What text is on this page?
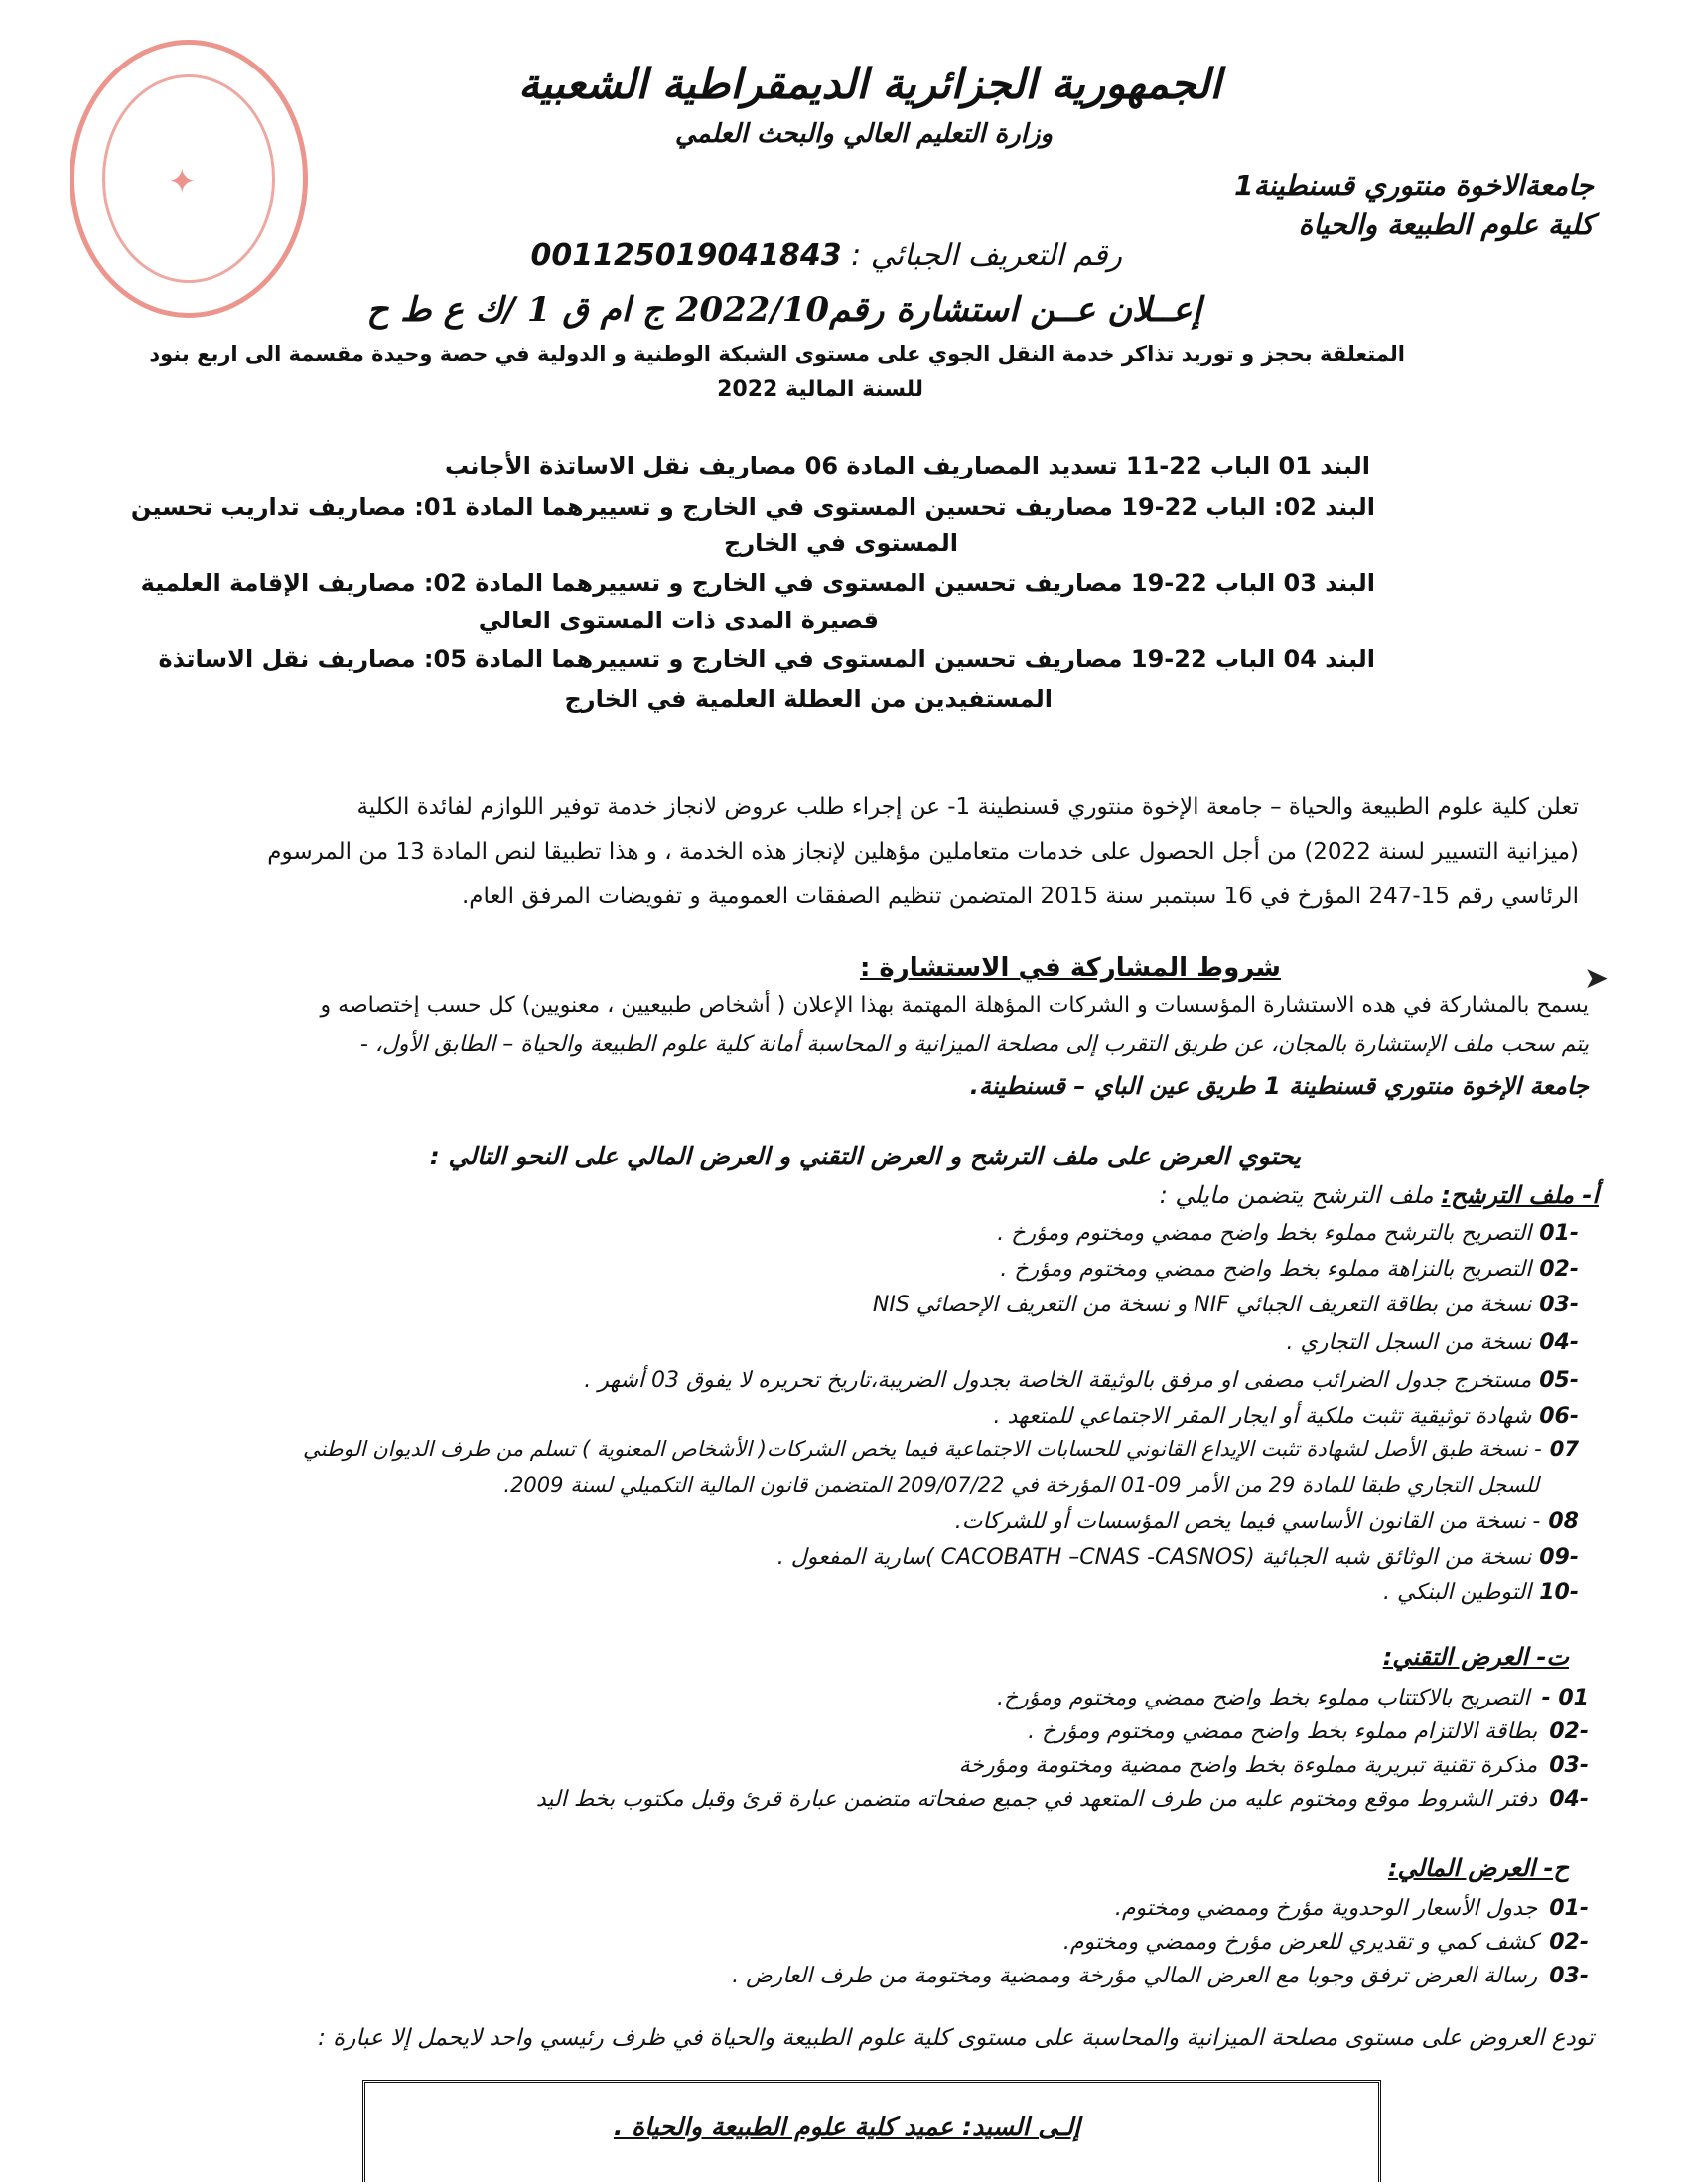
✦
الجمهورية الجزائرية الديمقراطية الشعبية
وزارة التعليم العالي والبحث العلمي
جامعةالاخوة منتوري قسنطينة1
كلية علوم الطبيعة والحياة
رقم التعريف الجبائي : 001125019041843
إعــلان عــن استشارة رقم2022/10 ج ام ق 1 /ك ع ط ح
المتعلقة بحجز و توريد تذاكر خدمة النقل الجوي على مستوى الشبكة الوطنية و الدولية في حصة وحيدة مقسمة الى اربع بنود
للسنة المالية 2022
البند 01 الباب 22-11 تسديد المصاريف المادة 06 مصاريف نقل الاساتذة الأجانب
البند 02: الباب 22-19 مصاريف تحسين المستوى في الخارج و تسييرهما المادة 01: مصاريف تداريب تحسين
المستوى في الخارج
البند 03 الباب 22-19 مصاريف تحسين المستوى في الخارج و تسييرهما المادة 02: مصاريف الإقامة العلمية
قصيرة المدى ذات المستوى العالي
البند 04 الباب 22-19 مصاريف تحسين المستوى في الخارج و تسييرهما المادة 05: مصاريف نقل الاساتذة
المستفيدين من العطلة العلمية في الخارج
تعلن كلية علوم الطبيعة والحياة – جامعة الإخوة منتوري قسنطينة 1- عن إجراء طلب عروض لانجاز خدمة توفير اللوازم لفائدة الكلية
(ميزانية التسيير لسنة 2022) من أجل الحصول على خدمات متعاملين مؤهلين لإنجاز هذه الخدمة ، و هذا تطبيقا لنص المادة 13 من المرسوم
الرئاسي رقم 15-247 المؤرخ في 16 سبتمبر سنة 2015 المتضمن تنظيم الصفقات العمومية و تفويضات المرفق العام.
➤
شروط المشاركة في الاستشارة :
يسمح بالمشاركة في هده الاستشارة المؤسسات و الشركات المؤهلة المهتمة بهذا الإعلان ( أشخاص طبيعيين ، معنويين) كل حسب إختصاصه و
يتم سحب ملف الإستشارة بالمجان، عن طريق التقرب إلى مصلحة الميزانية و المحاسبة أمانة كلية علوم الطبيعة والحياة – الطابق الأول، -
جامعة الإخوة منتوري قسنطينة 1 طريق عين الباي – قسنطينة.
يحتوي العرض على ملف الترشح و العرض التقني و العرض المالي على النحو التالي :
أ- ملف الترشح: ملف الترشح يتضمن مايلي :
-01التصريح بالترشح مملوء بخط واضح ممضي ومختوم ومؤرخ .
-02التصريح بالنزاهة مملوء بخط واضح ممضي ومختوم ومؤرخ .
-03نسخة من بطاقة التعريف الجبائي NIF و نسخة من التعريف الإحصائي NIS
-04نسخة من السجل التجاري .
-05مستخرج جدول الضرائب مصفى او مرفق بالوثيقة الخاصة بجدول الضريبة،تاريخ تحريره لا يفوق 03 أشهر .
-06شهادة توثيقية تثبت ملكية أو ايجار المقر الاجتماعي للمتعهد .
07- نسخة طبق الأصل لشهادة تثبت الإيداع القانوني للحسابات الاجتماعية فيما يخص الشركات( الأشخاص المعنوية ) تسلم من طرف الديوان الوطني
للسجل التجاري طبقا للمادة 29 من الأمر 09-01 المؤرخة في 209/07/22 المتضمن قانون المالية التكميلي لسنة 2009.
08- نسخة من القانون الأساسي فيما يخص المؤسسات أو للشركات.
-09نسخة من الوثائق شبه الجبائية (CACOBATH –CNAS -CASNOS )سارية المفعول .
-10التوطين البنكي .
ت- العرض التقني:
01 -التصريح بالاكتتاب مملوء بخط واضح ممضي ومختوم ومؤرخ.
-02بطاقة الالتزام مملوء بخط واضح ممضي ومختوم ومؤرخ .
-03مذكرة تقنية تبريرية مملوءة بخط واضح ممضية ومختومة ومؤرخة
-04دفتر الشروط موقع ومختوم عليه من طرف المتعهد في جميع صفحاته متضمن عبارة قرئ وقبل مكتوب بخط اليد
ح- العرض المالي:
-01جدول الأسعار الوحدوية مؤرخ وممضي ومختوم.
-02كشف كمي و تقديري للعرض مؤرخ وممضي ومختوم.
-03رسالة العرض ترفق وجوبا مع العرض المالي مؤرخة وممضية ومختومة من طرف العارض .
تودع العروض على مستوى مصلحة الميزانية والمحاسبة على مستوى كلية علوم الطبيعة والحياة في ظرف رئيسي واحد لايحمل إلا عبارة :
إلـى السيد: عميد كلية علوم الطبيعة والحياة .
